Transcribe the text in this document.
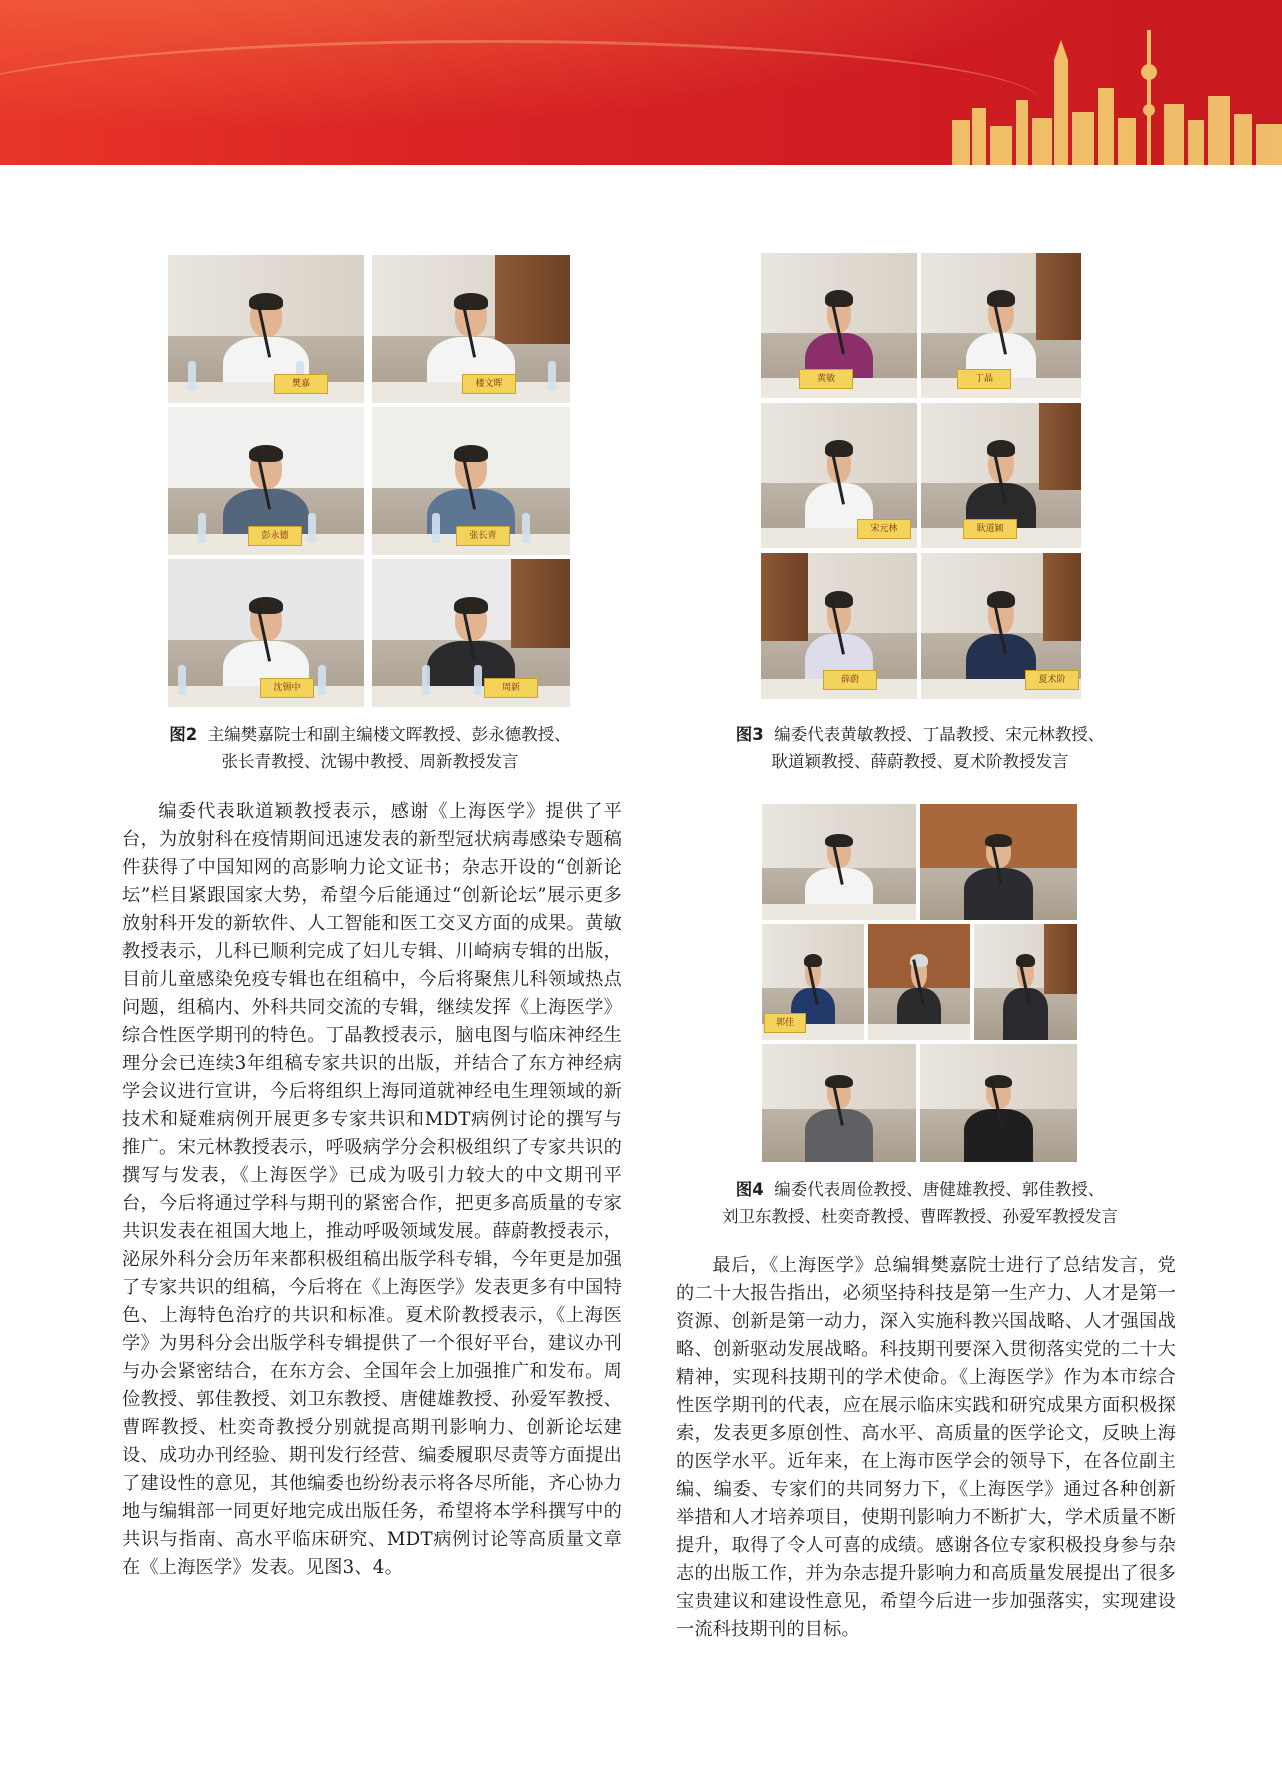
樊嘉	楼文晖
彭永德	张长青
沈锡中	周新
图2 主编樊嘉院士和副主编楼文晖教授、彭永德教授、
张长青教授、沈锡中教授、周新教授发言
黄敏	丁晶
宋元林	耿道颖
薛蔚	夏术阶
图3 编委代表黄敏教授、丁晶教授、宋元林教授、
耿道颖教授、薛蔚教授、夏术阶教授发言
郭佳
图4 编委代表周俭教授、唐健雄教授、郭佳教授、
刘卫东教授、杜奕奇教授、曹晖教授、孙爱军教授发言

编委代表耿道颖教授表示，感谢《上海医学》提供了平台，为放射科在疫情期间迅速发表的新型冠状病毒感染专题稿件获得了中国知网的高影响力论文证书；杂志开设的“创新论坛”栏目紧跟国家大势，希望今后能通过“创新论坛”展示更多放射科开发的新软件、人工智能和医工交叉方面的成果。黄敏教授表示，儿科已顺利完成了妇儿专辑、川崎病专辑的出版，目前儿童感染免疫专辑也在组稿中，今后将聚焦儿科领域热点问题，组稿内、外科共同交流的专辑，继续发挥《上海医学》综合性医学期刊的特色。丁晶教授表示，脑电图与临床神经生理分会已连续3年组稿专家共识的出版，并结合了东方神经病学会议进行宣讲，今后将组织上海同道就神经电生理领域的新技术和疑难病例开展更多专家共识和MDT病例讨论的撰写与推广。宋元林教授表示，呼吸病学分会积极组织了专家共识的撰写与发表，《上海医学》已成为吸引力较大的中文期刊平台，今后将通过学科与期刊的紧密合作，把更多高质量的专家共识发表在祖国大地上，推动呼吸领域发展。薛蔚教授表示，泌尿外科分会历年来都积极组稿出版学科专辑，今年更是加强了专家共识的组稿，今后将在《上海医学》发表更多有中国特色、上海特色治疗的共识和标准。夏术阶教授表示，《上海医学》为男科分会出版学科专辑提供了一个很好平台，建议办刊与办会紧密结合，在东方会、全国年会上加强推广和发布。周俭教授、郭佳教授、刘卫东教授、唐健雄教授、孙爱军教授、曹晖教授、杜奕奇教授分别就提高期刊影响力、创新论坛建设、成功办刊经验、期刊发行经营、编委履职尽责等方面提出了建设性的意见，其他编委也纷纷表示将各尽所能，齐心协力地与编辑部一同更好地完成出版任务，希望将本学科撰写中的共识与指南、高水平临床研究、MDT病例讨论等高质量文章在《上海医学》发表。见图3、4。

最后，《上海医学》总编辑樊嘉院士进行了总结发言，党的二十大报告指出，必须坚持科技是第一生产力、人才是第一资源、创新是第一动力，深入实施科教兴国战略、人才强国战略、创新驱动发展战略。科技期刊要深入贯彻落实党的二十大精神，实现科技期刊的学术使命。《上海医学》作为本市综合性医学期刊的代表，应在展示临床实践和研究成果方面积极探索，发表更多原创性、高水平、高质量的医学论文，反映上海的医学水平。近年来，在上海市医学会的领导下，在各位副主编、编委、专家们的共同努力下，《上海医学》通过各种创新举措和人才培养项目，使期刊影响力不断扩大，学术质量不断提升，取得了令人可喜的成绩。感谢各位专家积极投身参与杂志的出版工作，并为杂志提升影响力和高质量发展提出了很多宝贵建议和建设性意见，希望今后进一步加强落实，实现建设一流科技期刊的目标。
